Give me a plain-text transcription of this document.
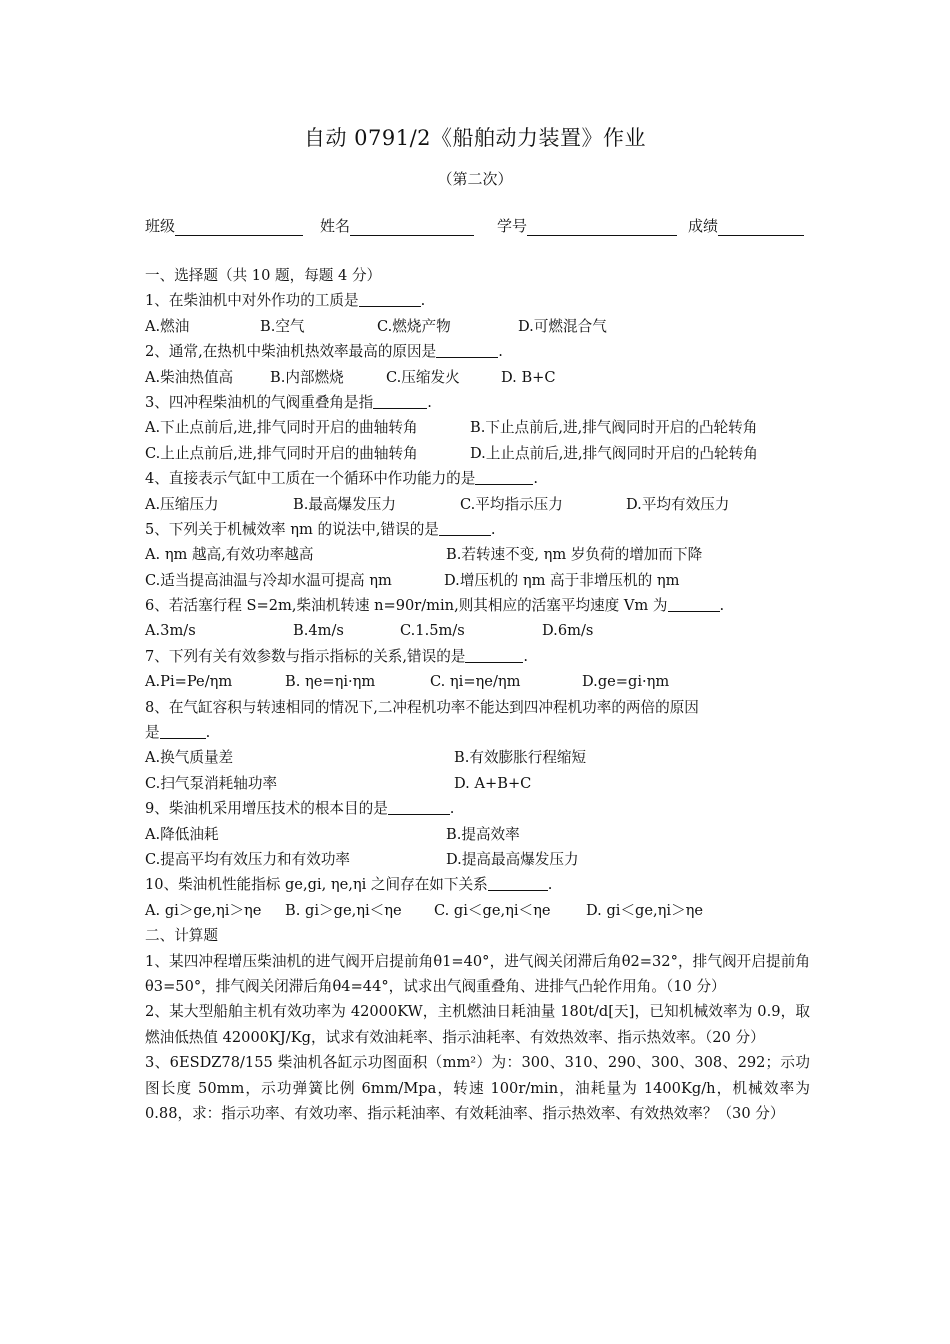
自动 0791/2《船舶动力装置》作业
（第二次）
班级	姓名	学号	成绩
一、选择题（共 10 题，每题 4 分）
1、在柴油机中对外作功的工质是	.
A.燃油	B.空气	C.燃烧产物	D.可燃混合气
2、通常,在热机中柴油机热效率最高的原因是	.
A.柴油热值高	B.内部燃烧	C.压缩发火	D. B+C
3、四冲程柴油机的气阀重叠角是指	.
A.下止点前后,进,排气同时开启的曲轴转角	B.下止点前后,进,排气阀同时开启的凸轮转角
C.上止点前后,进,排气同时开启的曲轴转角	D.上止点前后,进,排气阀同时开启的凸轮转角
4、直接表示气缸中工质在一个循环中作功能力的是	.
A.压缩压力	B.最高爆发压力	C.平均指示压力	D.平均有效压力
5、下列关于机械效率 ηm 的说法中,错误的是	.
A. ηm 越高,有效功率越高	B.若转速不变, ηm 岁负荷的增加而下降
C.适当提高油温与冷却水温可提高 ηm	D.增压机的 ηm 高于非增压机的 ηm
6、若活塞行程 S=2m,柴油机转速 n=90r/min,则其相应的活塞平均速度 Vm 为	.
A.3m/s	B.4m/s	C.1.5m/s	D.6m/s
7、下列有关有效参数与指示指标的关系,错误的是	.
A.Pi=Pe/ηm	B. ηe=ηi·ηm	C. ηi=ηe/ηm	D.ge=gi·ηm
8、在气缸容积与转速相同的情况下,二冲程机功率不能达到四冲程机功率的两倍的原因
是	.
A.换气质量差	B.有效膨胀行程缩短
C.扫气泵消耗轴功率	D. A+B+C
9、柴油机采用增压技术的根本目的是	.
A.降低油耗	B.提高效率
C.提高平均有效压力和有效功率	D.提高最高爆发压力
10、柴油机性能指标 ge,gi, ηe,ηi 之间存在如下关系	.
A. gi＞ge,ηi＞ηe B. gi＞ge,ηi＜ηe C. gi＜ge,ηi＜ηe D. gi＜ge,ηi＞ηe
二、计算题
1、某四冲程增压柴油机的进气阀开启提前角θ1=40°，进气阀关闭滞后角θ2=32°，排气阀开启提前角θ3=50°，排气阀关闭滞后角θ4=44°，试求出气阀重叠角、进排气凸轮作用角。（10 分）
2、某大型船舶主机有效功率为 42000KW，主机燃油日耗油量 180t/d[天]，已知机械效率为 0.9，取燃油低热值 42000KJ/Kg，试求有效油耗率、指示油耗率、有效热效率、指示热效率。（20 分）
3、6ESDZ78/155 柴油机各缸示功图面积（mm²）为：300、310、290、300、308、292；示功图长度 50mm，示功弹簧比例 6mm/Mpa，转速 100r/min，油耗量为 1400Kg/h，机械效率为 0.88，求：指示功率、有效功率、指示耗油率、有效耗油率、指示热效率、有效热效率？（30 分）
